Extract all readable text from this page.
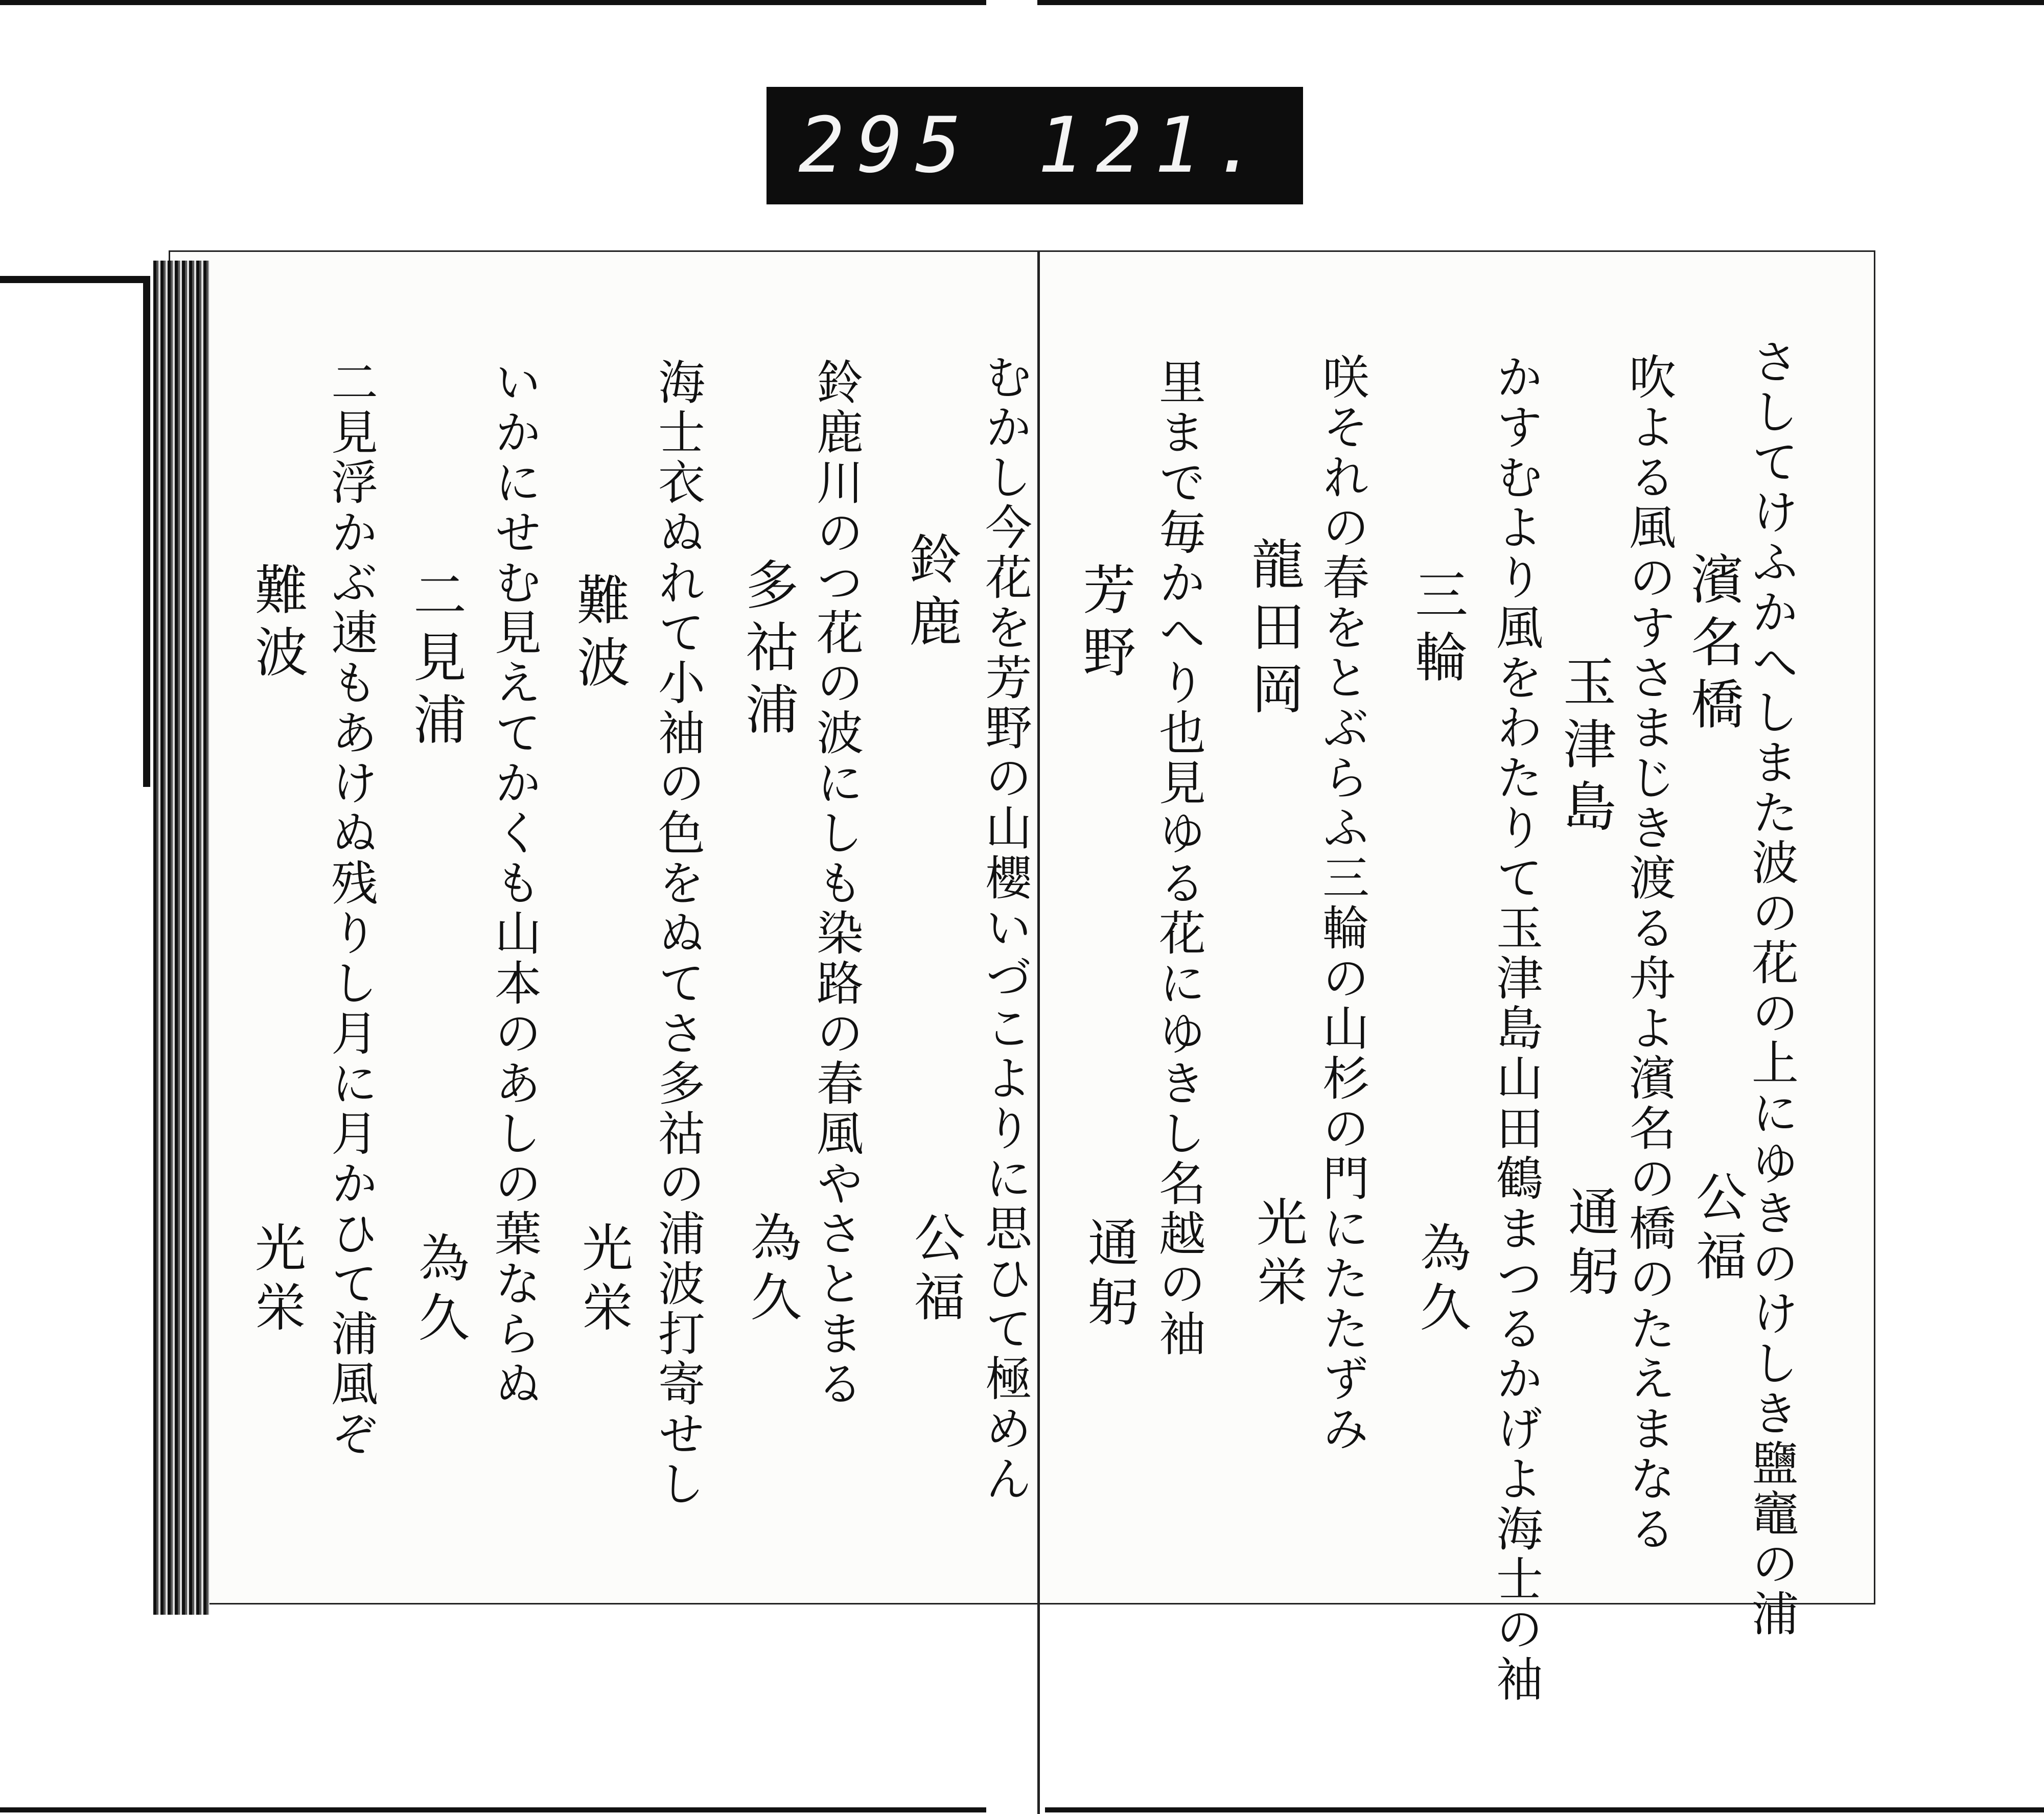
295 121.
さしてけふかへしまた波の花の上にゆきのけしき鹽竈の浦
濱名橋
公福
吹よる風のすさまじき渡る舟よ濱名の橋のたえまなる
玉津島
通躬
かすむより風をわたりて玉津島山田鶴まつるかげよ海士の袖
三輪
為久
咲それの春をとぶらふ三輪の山杉の門にたたずみ
龍田岡
光栄
里まで毎かへり也見ゆる花にゆきし名越の袖
芳野
通躬
むかし今花を芳野の山櫻いづこよりに思ひて極めん
鈴鹿
公福
鈴鹿川のつ花の波にしも染路の春風やさとまる
多祜浦
為久
海士衣ぬれて小袖の色をぬてさ多祜の浦波打寄せし
難波
光栄
いかにせむ見えてかくも山本のあしの葉ならぬ
二見浦
為久
二見浮かぶ速もあけぬ残りし月に月かひて浦風ぞ
難波
光栄
